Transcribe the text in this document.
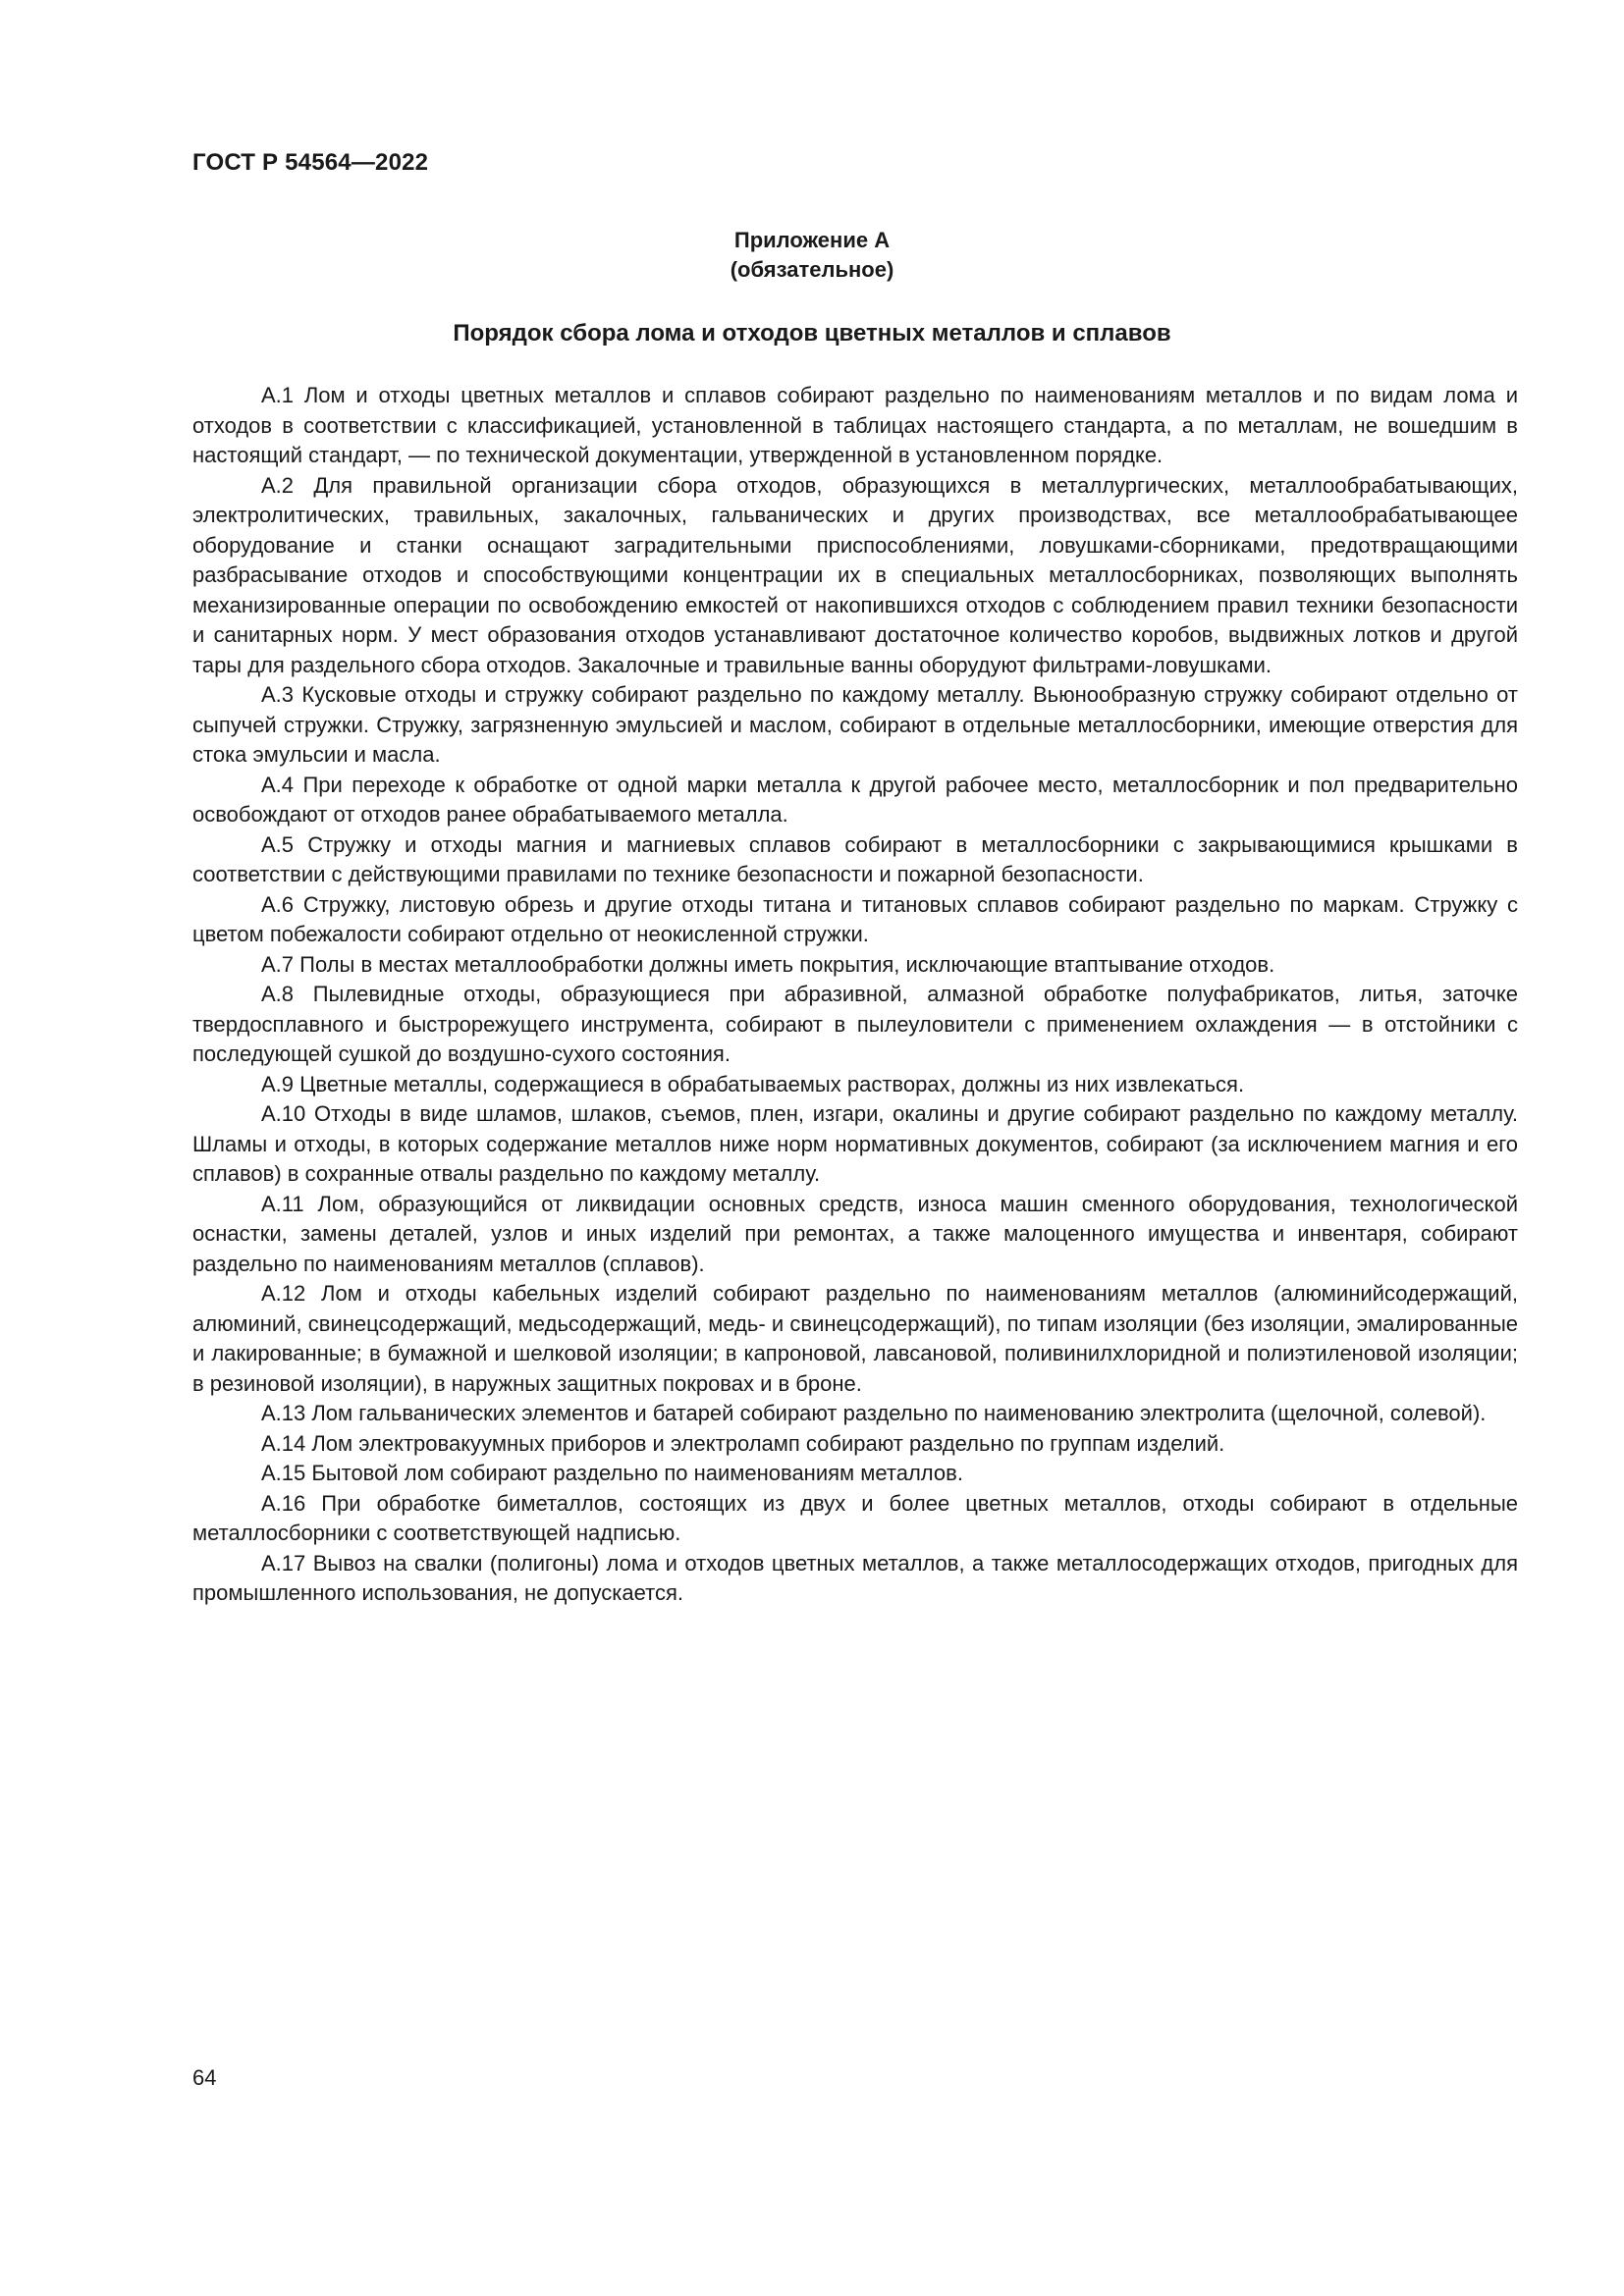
ГОСТ Р 54564—2022
Приложение А
(обязательное)
Порядок сбора лома и отходов цветных металлов и сплавов

А.1 Лом и отходы цветных металлов и сплавов собирают раздельно по наименованиям металлов и по видам лома и отходов в соответствии с классификацией, установленной в таблицах настоящего стандарта, а по металлам, не вошедшим в настоящий стандарт, — по технической документации, утвержденной в установленном порядке.

А.2 Для правильной организации сбора отходов, образующихся в металлургических, металлообрабатывающих, электролитических, травильных, закалочных, гальванических и других производствах, все металлообрабатывающее оборудование и станки оснащают заградительными приспособлениями, ловушками-сборниками, предотвращающими разбрасывание отходов и способствующими концентрации их в специальных металлосборниках, позволяющих выполнять механизированные операции по освобождению емкостей от накопившихся отходов с соблюдением правил техники безопасности и санитарных норм. У мест образования отходов устанавливают достаточное количество коробов, выдвижных лотков и другой тары для раздельного сбора отходов. Закалочные и травильные ванны оборудуют фильтрами-ловушками.

А.3 Кусковые отходы и стружку собирают раздельно по каждому металлу. Вьюнообразную стружку собирают отдельно от сыпучей стружки. Стружку, загрязненную эмульсией и маслом, собирают в отдельные металлосборники, имеющие отверстия для стока эмульсии и масла.

А.4 При переходе к обработке от одной марки металла к другой рабочее место, металлосборник и пол предварительно освобождают от отходов ранее обрабатываемого металла.

А.5 Стружку и отходы магния и магниевых сплавов собирают в металлосборники с закрывающимися крышками в соответствии с действующими правилами по технике безопасности и пожарной безопасности.

А.6 Стружку, листовую обрезь и другие отходы титана и титановых сплавов собирают раздельно по маркам. Стружку с цветом побежалости собирают отдельно от неокисленной стружки.

А.7 Полы в местах металлообработки должны иметь покрытия, исключающие втаптывание отходов.

А.8 Пылевидные отходы, образующиеся при абразивной, алмазной обработке полуфабрикатов, литья, заточке твердосплавного и быстрорежущего инструмента, собирают в пылеуловители с применением охлаждения — в отстойники с последующей сушкой до воздушно-сухого состояния.

А.9 Цветные металлы, содержащиеся в обрабатываемых растворах, должны из них извлекаться.

А.10 Отходы в виде шламов, шлаков, съемов, плен, изгари, окалины и другие собирают раздельно по каждому металлу. Шламы и отходы, в которых содержание металлов ниже норм нормативных документов, собирают (за исключением магния и его сплавов) в сохранные отвалы раздельно по каждому металлу.

А.11 Лом, образующийся от ликвидации основных средств, износа машин сменного оборудования, технологической оснастки, замены деталей, узлов и иных изделий при ремонтах, а также малоценного имущества и инвентаря, собирают раздельно по наименованиям металлов (сплавов).

А.12 Лом и отходы кабельных изделий собирают раздельно по наименованиям металлов (алюминийсодержащий, алюминий, свинецсодержащий, медьсодержащий, медь- и свинецсодержащий), по типам изоляции (без изоляции, эмалированные и лакированные; в бумажной и шелковой изоляции; в капроновой, лавсановой, поливинилхлоридной и полиэтиленовой изоляции; в резиновой изоляции), в наружных защитных покровах и в броне.

А.13 Лом гальванических элементов и батарей собирают раздельно по наименованию электролита (щелочной, солевой).

А.14 Лом электровакуумных приборов и электроламп собирают раздельно по группам изделий.

А.15 Бытовой лом собирают раздельно по наименованиям металлов.

А.16 При обработке биметаллов, состоящих из двух и более цветных металлов, отходы собирают в отдельные металлосборники с соответствующей надписью.

А.17 Вывоз на свалки (полигоны) лома и отходов цветных металлов, а также металлосодержащих отходов, пригодных для промышленного использования, не допускается.

64
